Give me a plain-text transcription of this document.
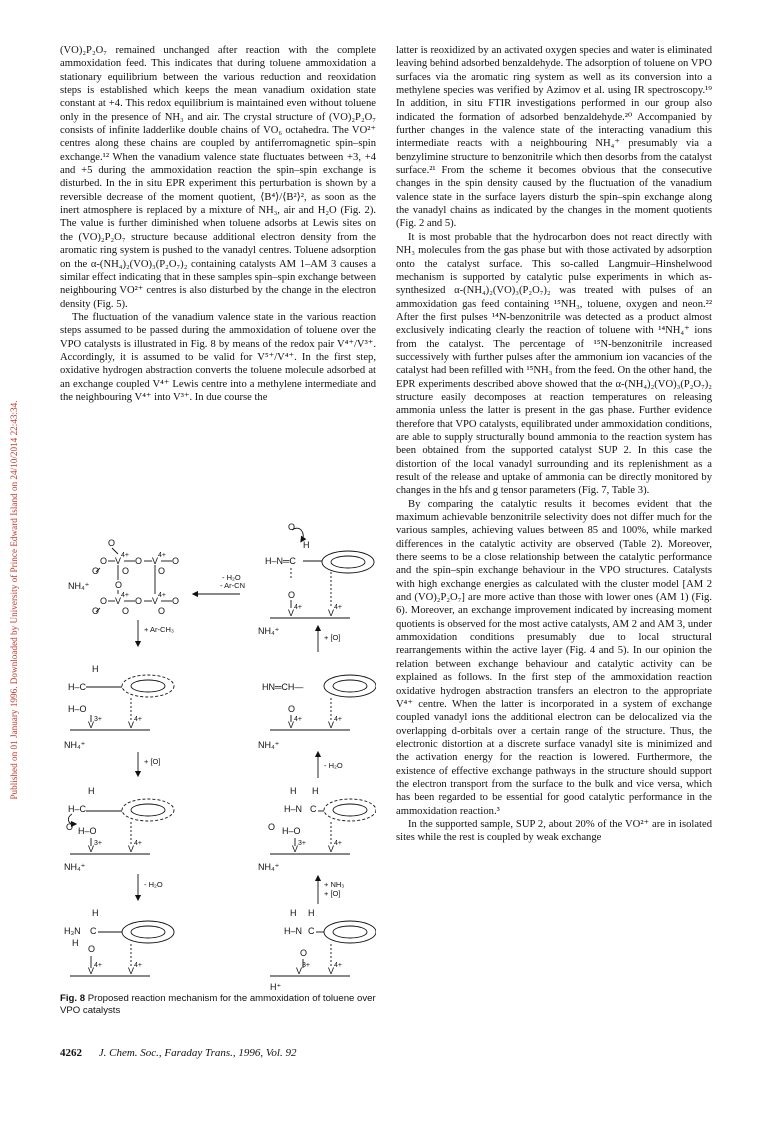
Published on 01 January 1996. Downloaded by University of Prince Edward Island on 24/10/2014 22:43:34.

(VO)₂P₂O₇ remained unchanged after reaction with the complete ammoxidation feed. This indicates that during toluene ammoxidation a stationary equilibrium between the various reduction and reoxidation steps is established which keeps the mean vanadium oxidation state constant at +4. This redox equilibrium is maintained even without toluene only in the presence of NH₃ and air. The crystal structure of (VO)₂P₂O₇ consists of infinite ladderlike double chains of VO₆ octahedra. The VO²⁺ centres along these chains are coupled by antiferromagnetic spin–spin exchange.¹² When the vanadium valence state fluctuates between +3, +4 and +5 during the ammoxidation reaction the spin–spin exchange is disturbed. In the in situ EPR experiment this perturbation is shown by a reversible decrease of the moment quotient, ⟨B⁴⟩/⟨B²⟩², as soon as the inert atmosphere is replaced by a mixture of NH₃, air and H₂O (Fig. 2). The value is further diminished when toluene adsorbs at Lewis sites on the (VO)₂P₂O₇ structure because additional electron density from the aromatic ring system is pushed to the vanadyl centres. Toluene adsorption on the α-(NH₄)₂(VO)₃(P₂O₇)₂ containing catalysts AM 1–AM 3 causes a similar effect indicating that in these samples spin–spin exchange between neighbouring VO²⁺ centres is also disturbed by the change in the electron density (Fig. 5).

The fluctuation of the vanadium valence state in the various reaction steps assumed to be passed during the ammoxidation of toluene over the VPO catalysts is illustrated in Fig. 8 by means of the redox pair V⁴⁺/V³⁺. Accordingly, it is assumed to be valid for V⁵⁺/V⁴⁺. In the first step, oxidative hydrogen abstraction converts the toluene molecule adsorbed at an exchange coupled V⁴⁺ Lewis centre into a methylene intermediate and the neighbouring V⁴⁺ into V³⁺. In due course the

latter is reoxidized by an activated oxygen species and water is eliminated leaving behind adsorbed benzaldehyde. The adsorption of toluene on VPO surfaces via the aromatic ring system as well as its conversion into a methylene species was verified by Azimov et al. using IR spectroscopy.¹⁹ In addition, in situ FTIR investigations performed in our group also indicated the formation of adsorbed benzaldehyde.²⁰ Accompanied by further changes in the valence state of the interacting vanadium this intermediate reacts with a neighbouring NH₄⁺ presumably via a benzylimine structure to benzonitrile which then desorbs from the catalyst surface.²¹ From the scheme it becomes obvious that the consecutive changes in the spin density caused by the fluctuation of the vanadium valence state in the surface layers disturb the spin–spin exchange along the vanadyl chains as indicated by the changes in the moment quotients (Fig. 2 and 5).

It is most probable that the hydrocarbon does not react directly with NH₃ molecules from the gas phase but with those activated by adsorption onto the catalyst surface. This so-called Langmuir–Hinshelwood mechanism is supported by catalytic pulse experiments in which as-synthesized α-(NH₄)₂(VO)₃(P₂O₇)₂ was treated with pulses of an ammoxidation gas feed containing ¹⁵NH₃, toluene, oxygen and neon.²² After the first pulses ¹⁴N-benzonitrile was detected as a product almost exclusively indicating clearly the reaction of toluene with ¹⁴NH₄⁺ ions from the catalyst. The percentage of ¹⁵N-benzonitrile increased successively with further pulses after the ammonium ion vacancies of the catalyst had been refilled with ¹⁵NH₃ from the feed. On the other hand, the EPR experiments described above showed that the α-(NH₄)₂(VO)₃(P₂O₇)₂ structure easily decomposes at reaction temperatures on releasing ammonia unless the latter is present in the gas phase. Further evidence therefore that VPO catalysts, equilibrated under ammoxidation conditions, are able to supply structurally bound ammonia to the reaction system has been obtained from the supported catalyst SUP 2. In this case the distortion of the local vanadyl surrounding and its replenishment as a result of the release and uptake of ammonia can be directly monitored by changes in the hfs and g tensor parameters (Fig. 7, Table 3).

By comparing the catalytic results it becomes evident that the maximum achievable benzonitrile selectivity does not differ much for the various samples, achieving values between 85 and 100%, while marked differences in the catalytic activity are observed (Table 2). Moreover, there seems to be a close relationship between the catalytic performance and the spin–spin exchange behaviour in the VPO structures. Catalysts with high exchange energies as calculated with the cluster model [AM 2 and (VO)₂P₂O₇] are more active than those with lower ones (AM 1) (Fig. 6). Moreover, an exchange improvement indicated by increasing moment quotients is observed for the most active catalysts, AM 2 and AM 3, under ammoxidation conditions presumably due to local structural rearrangements within the active layer (Fig. 4 and 5). In our opinion the relation between exchange behaviour and catalytic activity can be explained as follows. In the first step of the ammoxidation reaction oxidative hydrogen abstraction transfers an electron to the appropriate V⁴⁺ centre. When the latter is incorporated in a system of exchange coupled vanadyl ions the additional electron can be delocalized via the overlapping d-orbitals over a certain range of the structure. Thus, the electronic distortion at a discrete surface vanadyl site is minimized and the activation energy for the reaction is lowered. Furthermore, the existence of effective exchange pathways in the structure should support the electron transport from the surface to the bulk and vice versa, which has been regarded to be essential for good catalytic performance in the ammoxidation reaction.³

In the supported sample, SUP 2, about 20% of the VO²⁺ are in isolated sites while the rest is coupled by weak exchange

O
O V
4+
O V
4+
O
O	O	O
NH₄⁺	O
O V
4+
O V
4+
O
O	O	O
O
H
H–N═C
O
V
4+
V
4+
NH₄⁺
- H₂O
- Ar-CN
+ Ar-CH₃
+ [O]
H
H–C
H–O
V
3+
V
4+
NH₄⁺
HN═CH—
O
V
4+
V
4+
NH₄⁺
+ [O]	- H₂O
H
H–C
O H–O
V
3+
V
4+
NH₄⁺
H H
H–N C
O H–O
V
3+
V
4+
NH₄⁺
- H₂O	+ NH₃
+ [O]
H
H₃N C
H
O
V
4+
V
4+
H H
H–N C
O
V
3+
V
4+
H⁺
Fig. 8 Proposed reaction mechanism for the ammoxidation of toluene over VPO catalysts
4262 J. Chem. Soc., Faraday Trans., 1996, Vol. 92
